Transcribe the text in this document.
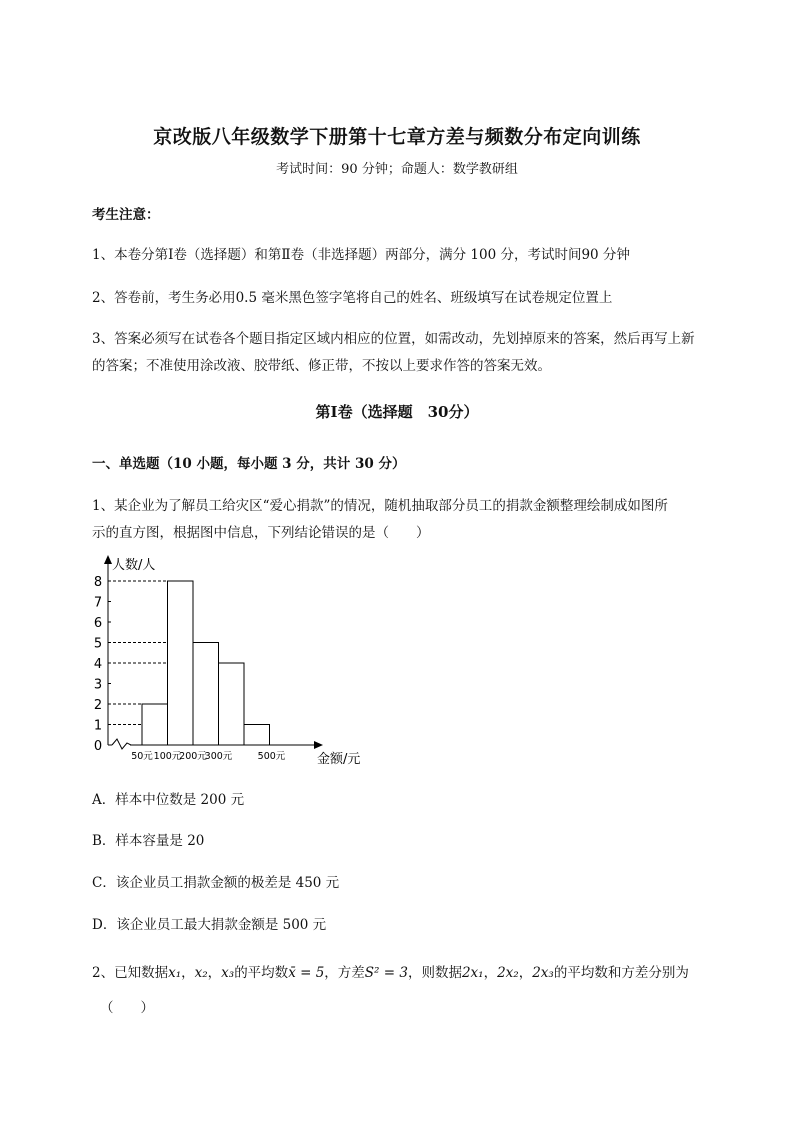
京改版八年级数学下册第十七章方差与频数分布定向训练
考试时间：90 分钟；命题人：数学教研组
考生注意：
1、本卷分第Ⅰ卷（选择题）和第Ⅱ卷（非选择题）两部分，满分 100 分，考试时间90 分钟
2、答卷前，考生务必用0.5 毫米黑色签字笔将自己的姓名、班级填写在试卷规定位置上
3、答案必须写在试卷各个题目指定区域内相应的位置，如需改动，先划掉原来的答案，然后再写上新
的答案；不准使用涂改液、胶带纸、修正带，不按以上要求作答的答案无效。
第Ⅰ卷（选择题　30分）
一、单选题（10 小题，每小题 3 分，共计 30 分）
1、某企业为了解员工给灾区“爱心捐款”的情况，随机抽取部分员工的捐款金额整理绘制成如图所
示的直方图，根据图中信息，下列结论错误的是（　　）
0
1
2
3
4
5
6
7
8
50元 100元
200元
300元	500元
人数/人
金额/元
A．样本中位数是 200 元
B．样本容量是 20
C．该企业员工捐款金额的极差是 450 元
D．该企业员工最大捐款金额是 500 元
2、已知数据x₁，x₂，x₃的平均数x̄ = 5，方差S² = 3，则数据2x₁，2x₂，2x₃的平均数和方差分别为
（　　）
